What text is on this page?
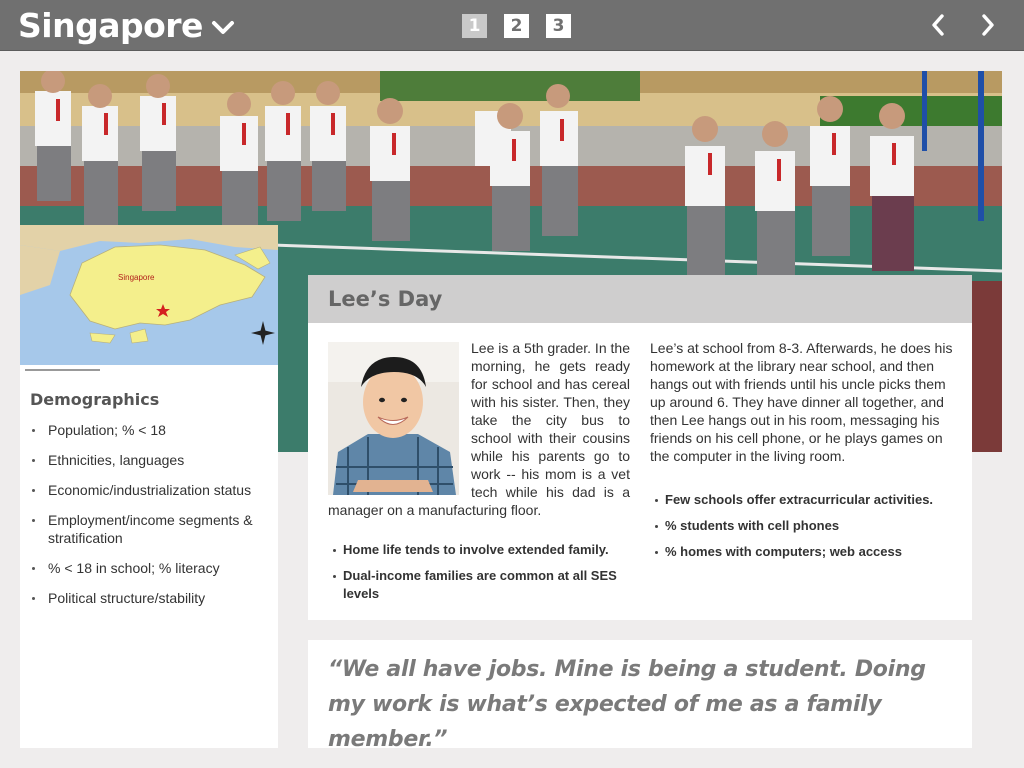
Singapore	1	2	3
Singapore
Demographics
Population; % < 18
Ethnicities, languages
Economic/industrialization status
Employment/income segments & stratification
% < 18 in school; % literacy
Political structure/stability
Lee’s Day
Lee is a 5th grader. In the morning, he gets ready for school and has cereal with his sister. Then, they take the city bus to school with their cousins while his parents go to work -- his mom is a vet tech while his dad is a manager on a manufacturing floor.
Lee’s at school from 8-3. Afterwards, he does his homework at the library near school, and then hangs out with friends until his uncle picks them up around 6. They have dinner all together, and then Lee hangs out in his room, messaging his friends on his cell phone, or he plays games on the computer in the living room.
Home life tends to involve extended family.
Dual-income families are common at all SES levels
Few schools offer extracurricular activities.
% students with cell phones
% homes with computers; web access
“We all have jobs. Mine is being a student. Doing my work is what’s expected of me as a family member.”
